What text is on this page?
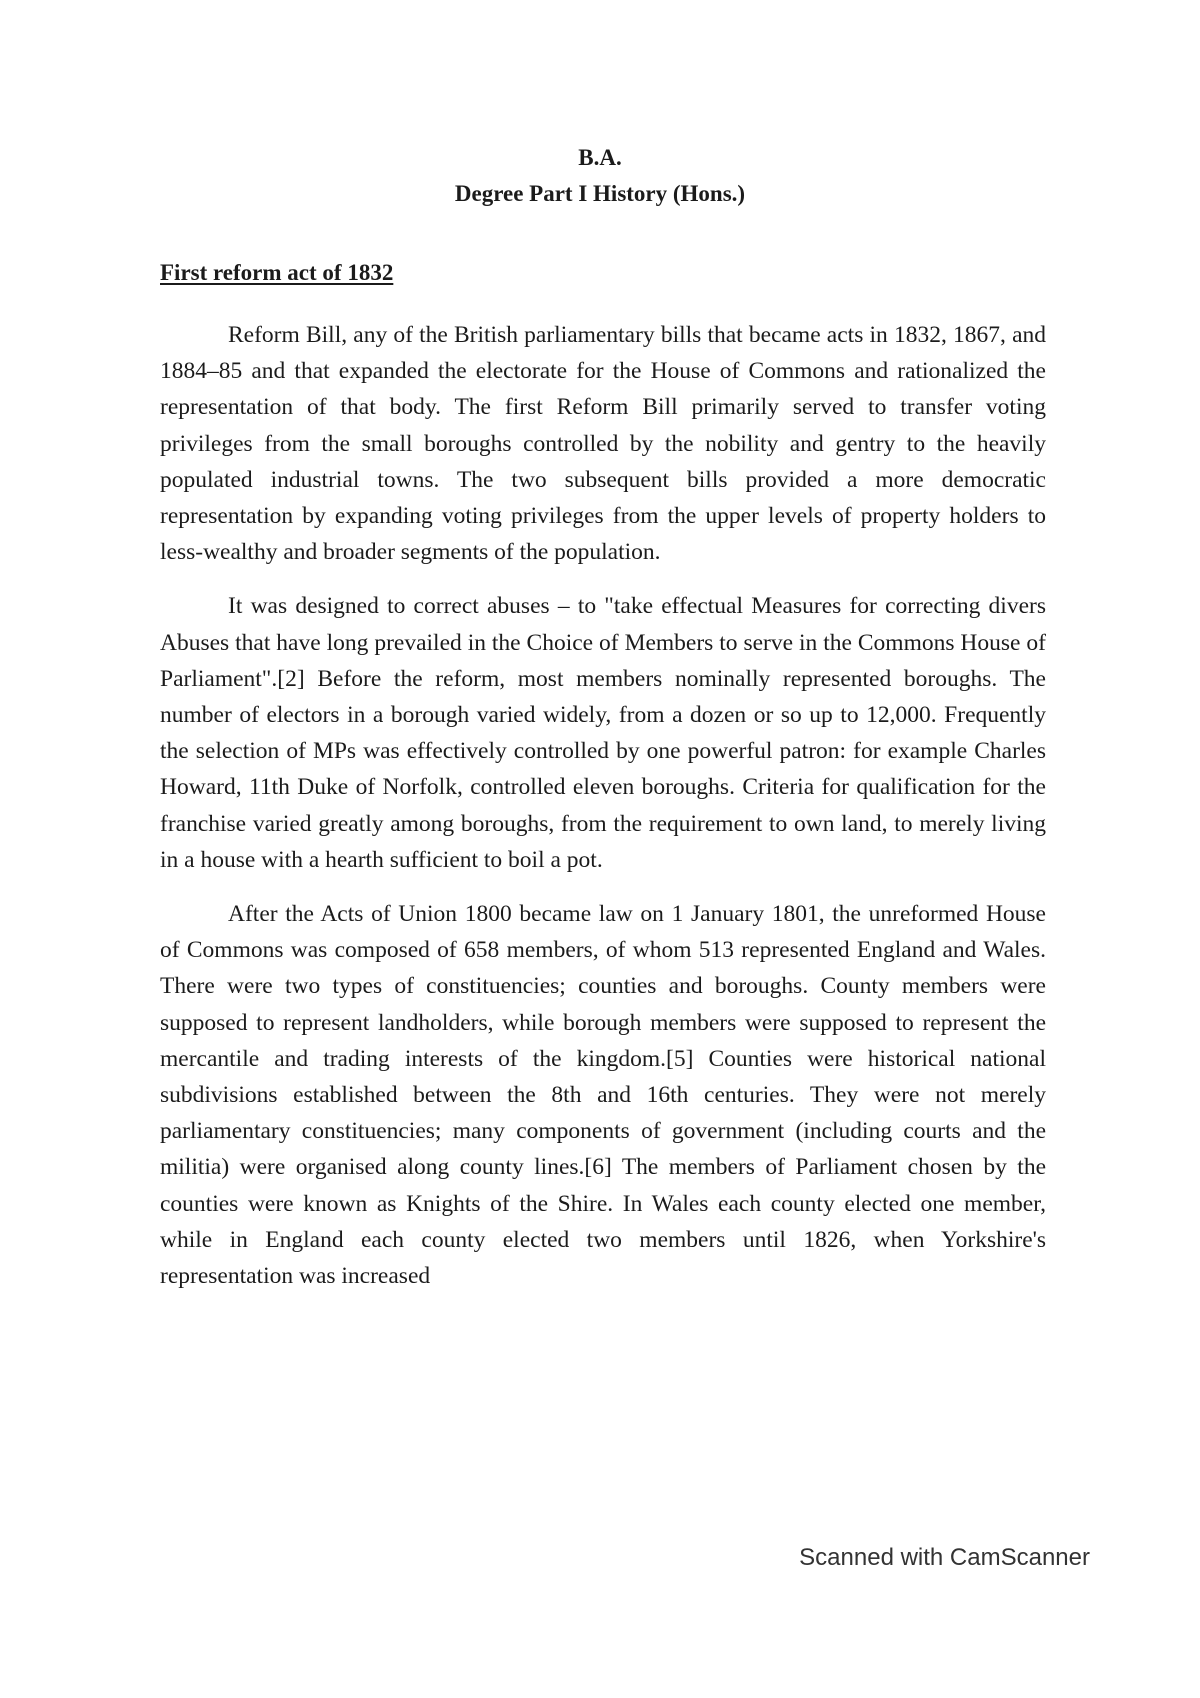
B.A.
Degree Part I History (Hons.)
First reform act of 1832

Reform Bill, any of the British parliamentary bills that became acts in 1832, 1867, and 1884–85 and that expanded the electorate for the House of Commons and rationalized the representation of that body. The first Reform Bill primarily served to transfer voting privileges from the small boroughs controlled by the nobility and gentry to the heavily populated industrial towns. The two subsequent bills provided a more democratic representation by expanding voting privileges from the upper levels of property holders to less-wealthy and broader segments of the population.

It was designed to correct abuses – to "take effectual Measures for correcting divers Abuses that have long prevailed in the Choice of Members to serve in the Commons House of Parliament".[2] Before the reform, most members nominally represented boroughs. The number of electors in a borough varied widely, from a dozen or so up to 12,000. Frequently the selection of MPs was effectively controlled by one powerful patron: for example Charles Howard, 11th Duke of Norfolk, controlled eleven boroughs. Criteria for qualification for the franchise varied greatly among boroughs, from the requirement to own land, to merely living in a house with a hearth sufficient to boil a pot.

After the Acts of Union 1800 became law on 1 January 1801, the unreformed House of Commons was composed of 658 members, of whom 513 represented England and Wales. There were two types of constituencies; counties and boroughs. County members were supposed to represent landholders, while borough members were supposed to represent the mercantile and trading interests of the kingdom.[5] Counties were historical national subdivisions established between the 8th and 16th centuries. They were not merely parliamentary constituencies; many components of government (including courts and the militia) were organised along county lines.[6] The members of Parliament chosen by the counties were known as Knights of the Shire. In Wales each county elected one member, while in England each county elected two members until 1826, when Yorkshire's representation was increased

Scanned with CamScanner
